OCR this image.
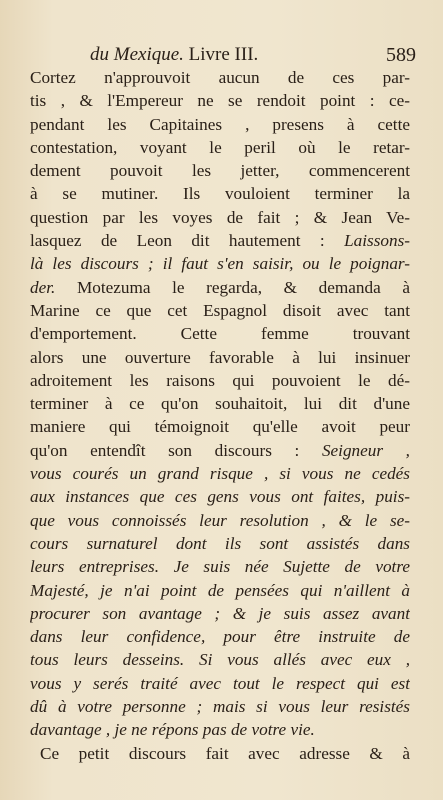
du Mexique. Livre III.	589
Cortez n'approuvoit aucun de ces par-
tis , & l'Empereur ne se rendoit point : ce-
pendant les Capitaines , presens à cette
contestation, voyant le peril où le retar-
dement pouvoit les jetter, commencerent
à se mutiner. Ils vouloient terminer la
question par les voyes de fait ; & Jean Ve-
lasquez de Leon dit hautement : Laissons-
là les discours ; il faut s'en saisir, ou le poignar-
der. Motezuma le regarda, & demanda à
Marine ce que cet Espagnol disoit avec tant
d'emportement. Cette femme trouvant
alors une ouverture favorable à lui insinuer
adroitement les raisons qui pouvoient le dé-
terminer à ce qu'on souhaitoit, lui dit d'une
maniere qui témoignoit qu'elle avoit peur
qu'on entendît son discours : Seigneur ,
vous courés un grand risque , si vous ne cedés
aux instances que ces gens vous ont faites, puis-
que vous connoissés leur resolution , & le se-
cours surnaturel dont ils sont assistés dans
leurs entreprises. Je suis née Sujette de votre
Majesté, je n'ai point de pensées qui n'aillent à
procurer son avantage ; & je suis assez avant
dans leur confidence, pour être instruite de
tous leurs desseins. Si vous allés avec eux ,
vous y serés traité avec tout le respect qui est
dû à votre personne ; mais si vous leur resistés
davantage , je ne répons pas de votre vie.
Ce petit discours fait avec adresse & à
